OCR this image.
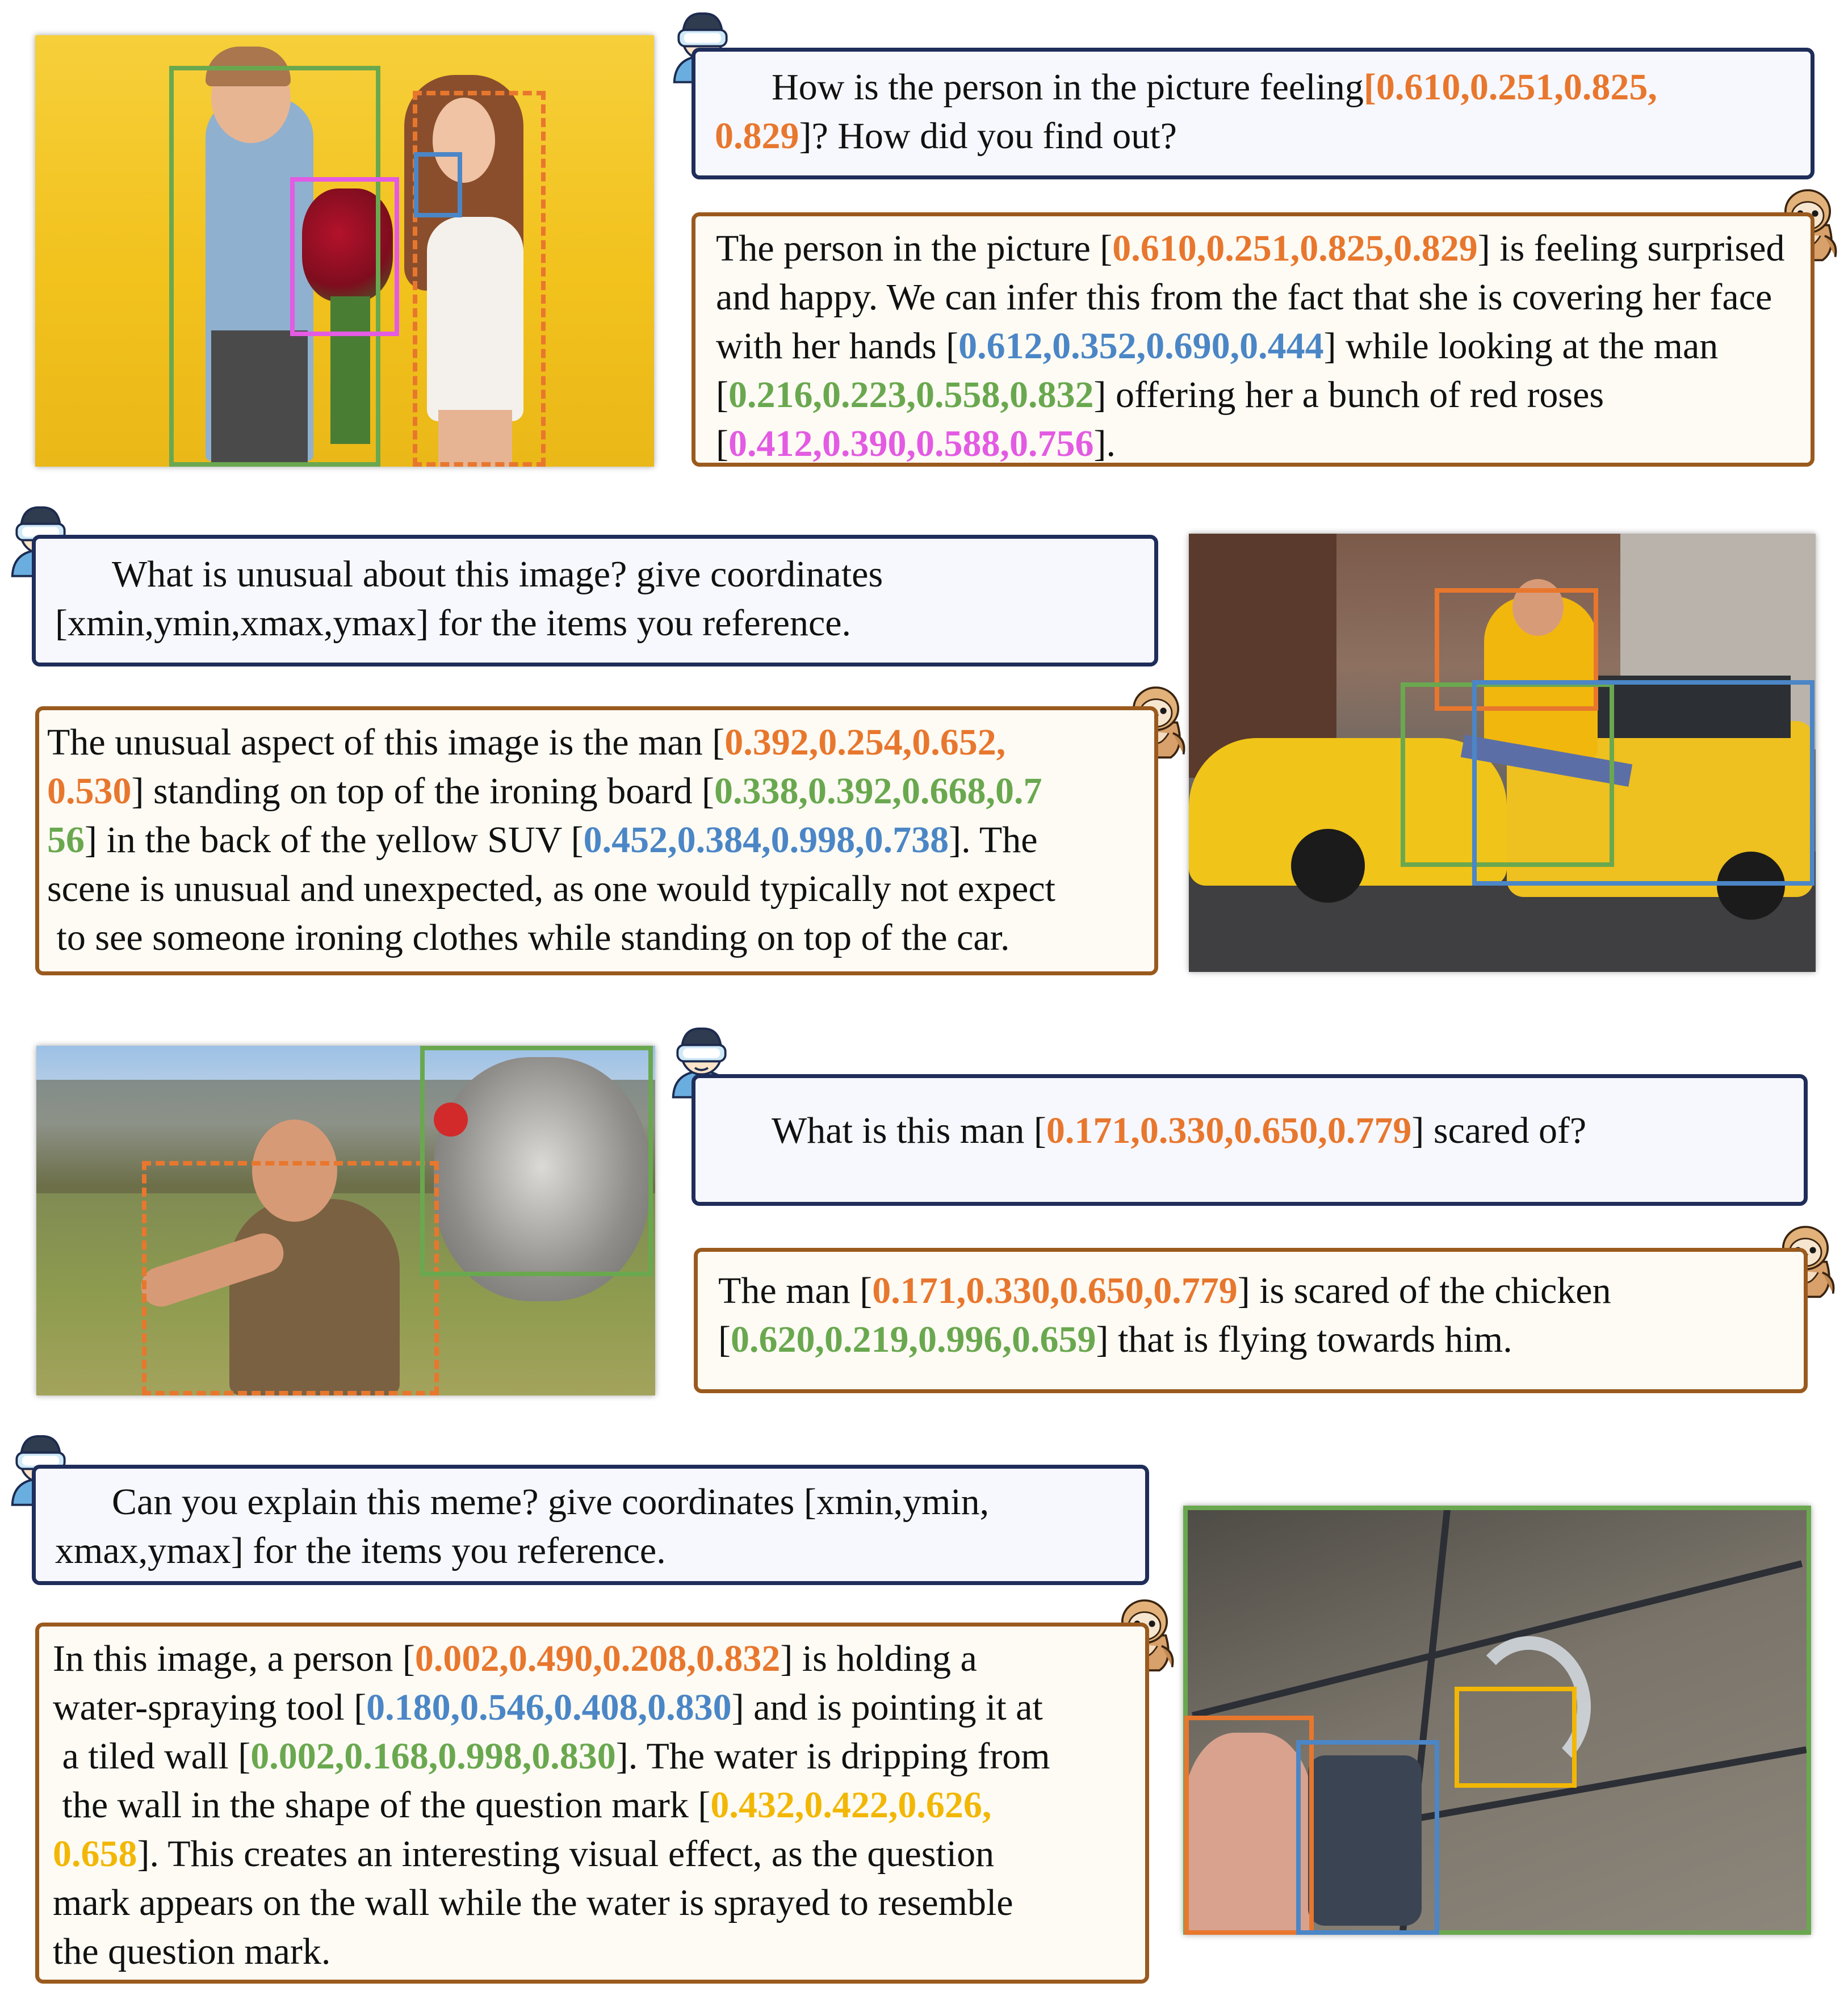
How is the person in the picture feeling[0.610,0.251,0.825,
0.829]? How did you find out?
The person in the picture [0.610,0.251,0.825,0.829] is feeling surprised and happy. We can infer this from the fact that she is covering her face with her hands [0.612,0.352,0.690,0.444] while looking at the man [0.216,0.223,0.558,0.832] offering her a bunch of red roses [0.412,0.390,0.588,0.756].
What is unusual about this image? give coordinates
[xmin,ymin,xmax,ymax] for the items you reference.
The unusual aspect of this image is the man [0.392,0.254,0.652,
0.530] standing on top of the ironing board [0.338,0.392,0.668,0.7
56] in the back of the yellow SUV [0.452,0.384,0.998,0.738]. The
scene is unusual and unexpected, as one would typically not expect
to see someone ironing clothes while standing on top of the car.
What is this man [0.171,0.330,0.650,0.779] scared of?
The man [0.171,0.330,0.650,0.779] is scared of the chicken
[0.620,0.219,0.996,0.659] that is flying towards him.
Can you explain this meme? give coordinates [xmin,ymin,
xmax,ymax] for the items you reference.
In this image, a person [0.002,0.490,0.208,0.832] is holding a
water-spraying tool [0.180,0.546,0.408,0.830] and is pointing it at
a tiled wall [0.002,0.168,0.998,0.830]. The water is dripping from
the wall in the shape of the question mark [0.432,0.422,0.626,
0.658]. This creates an interesting visual effect, as the question
mark appears on the wall while the water is sprayed to resemble
the question mark.
